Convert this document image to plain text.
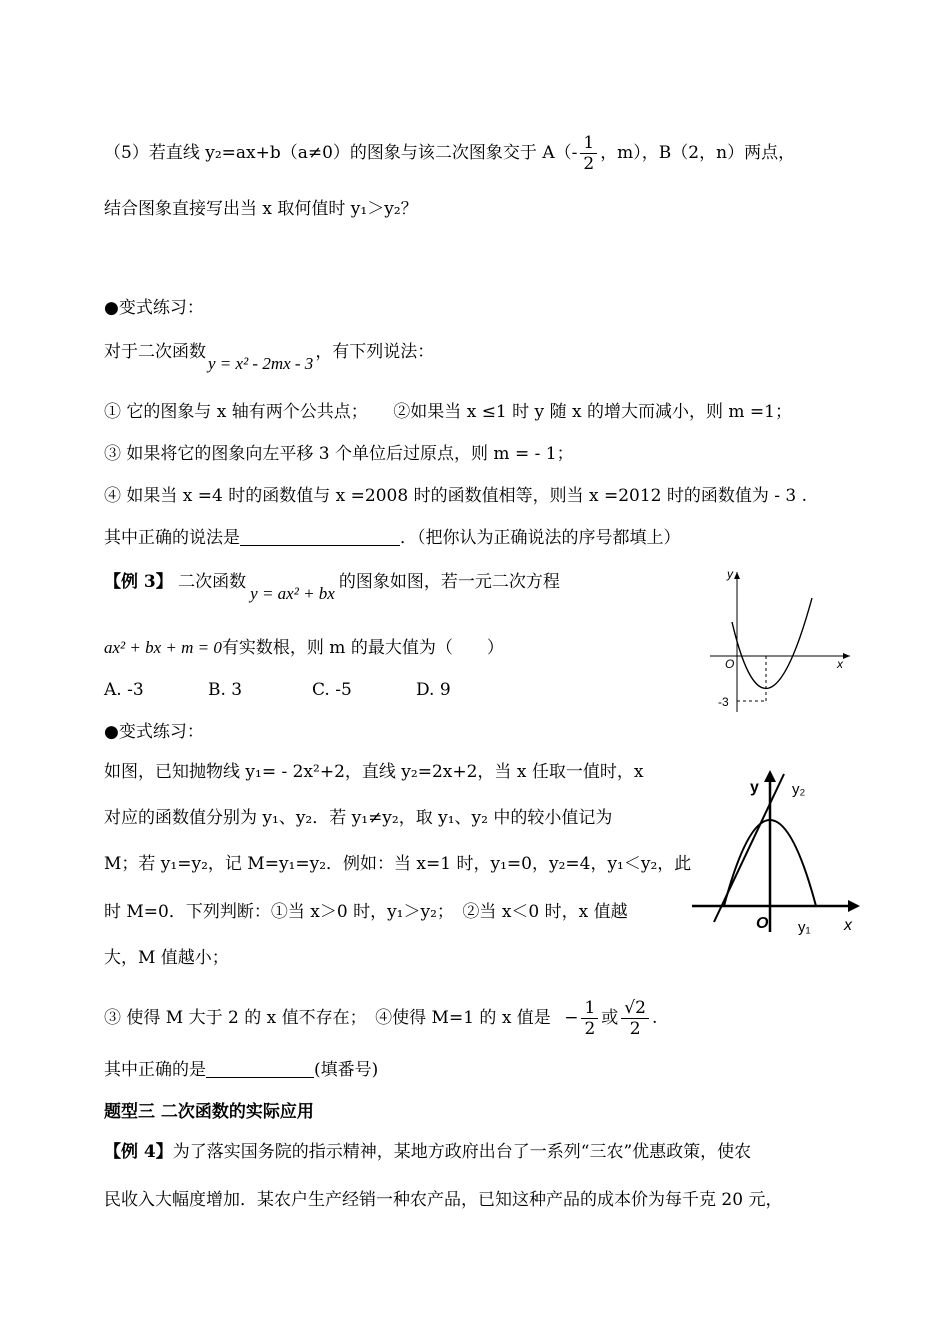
（5）若直线 y₂=ax+b（a≠0）的图象与该二次图象交于 $A(- \frac{1}{2}$ ，m），B（2，n）两点，
结合图象直接写出当 x 取何值时 y₁＞y₂？
●变式练习：
对于二次函数y = x² - 2mx - 3，有下列说法：
① 它的图象与 x 轴有两个公共点；　　②如果当 x ≤1 时 y 随 x 的增大而减小，则 m =1；
③ 如果将它的图象向左平移 3 个单位后过原点，则 m = - 1；
④ 如果当 x =4 时的函数值与 x =2008 时的函数值相等，则当 x =2012 时的函数值为 - 3 .
其中正确的说法是	．（把你认为正确说法的序号都填上）
【例 3】 二次函数y = ax² + bx的图象如图，若一元二次方程
ax² + bx + m = 0有实数根，则 m 的最大值为（　　）
A. -3	B. 3	C. -5	D. 9
y
x
O
-3
●变式练习：
如图，已知抛物线 y₁= - 2x²+2，直线 y₂=2x+2，当 x 任取一值时，x
对应的函数值分别为 y₁、y₂．若 y₁≠y₂，取 y₁、y₂ 中的较小值记为
M；若 y₁=y₂，记 M=y₁=y₂．例如：当 x=1 时，y₁=0，y₂=4，y₁＜y₂，此
时 M=0．下列判断：①当 x＞0 时，y₁＞y₂；　②当 x＜0 时，x 值越
大，M 值越小；
③ 使得 M 大于 2 的 x 值不存在；　④使得 M=1 的 x 值是 − $\frac{1}{2}$ 或 $\frac{√2}{2}$ .
其中正确的是	(填番号)
y y₂
O y₁ x
题型三 二次函数的实际应用
【例 4】为了落实国务院的指示精神，某地方政府出台了一系列“三农”优惠政策，使农
民收入大幅度增加．某农户生产经销一种农产品，已知这种产品的成本价为每千克 20 元，
